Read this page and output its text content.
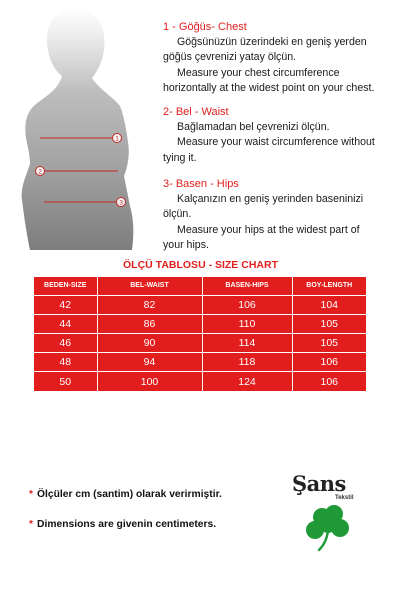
1
2
3
1 - Göğüs- Chest
Göğsünüzün üzerindeki en geniş yerden
göğüs çevrenizi yatay ölçün.
Measure your chest circumference
horizontally at the widest point on your chest.
2- Bel - Waist
Bağlamadan bel çevrenizi ölçün.
Measure your waist circumference without
tying it.
3- Basen - Hips
Kalçanızın en geniş yerinden baseninizi
ölçün.
Measure your hips at the widest part of
your hips.
ÖLÇÜ TABLOSU - SIZE CHART
BEDEN-SIZE	BEL-WAIST	BASEN-HIPS	BOY-LENGTH
42	82	106	104
44	86	110	105
46	90	114	105
48	94	118	106
50	100	124	106
* Ölçüler cm (santim) olarak verirmiştir.
* Dimensions are givenin centimeters.
Şans
Tekstil
